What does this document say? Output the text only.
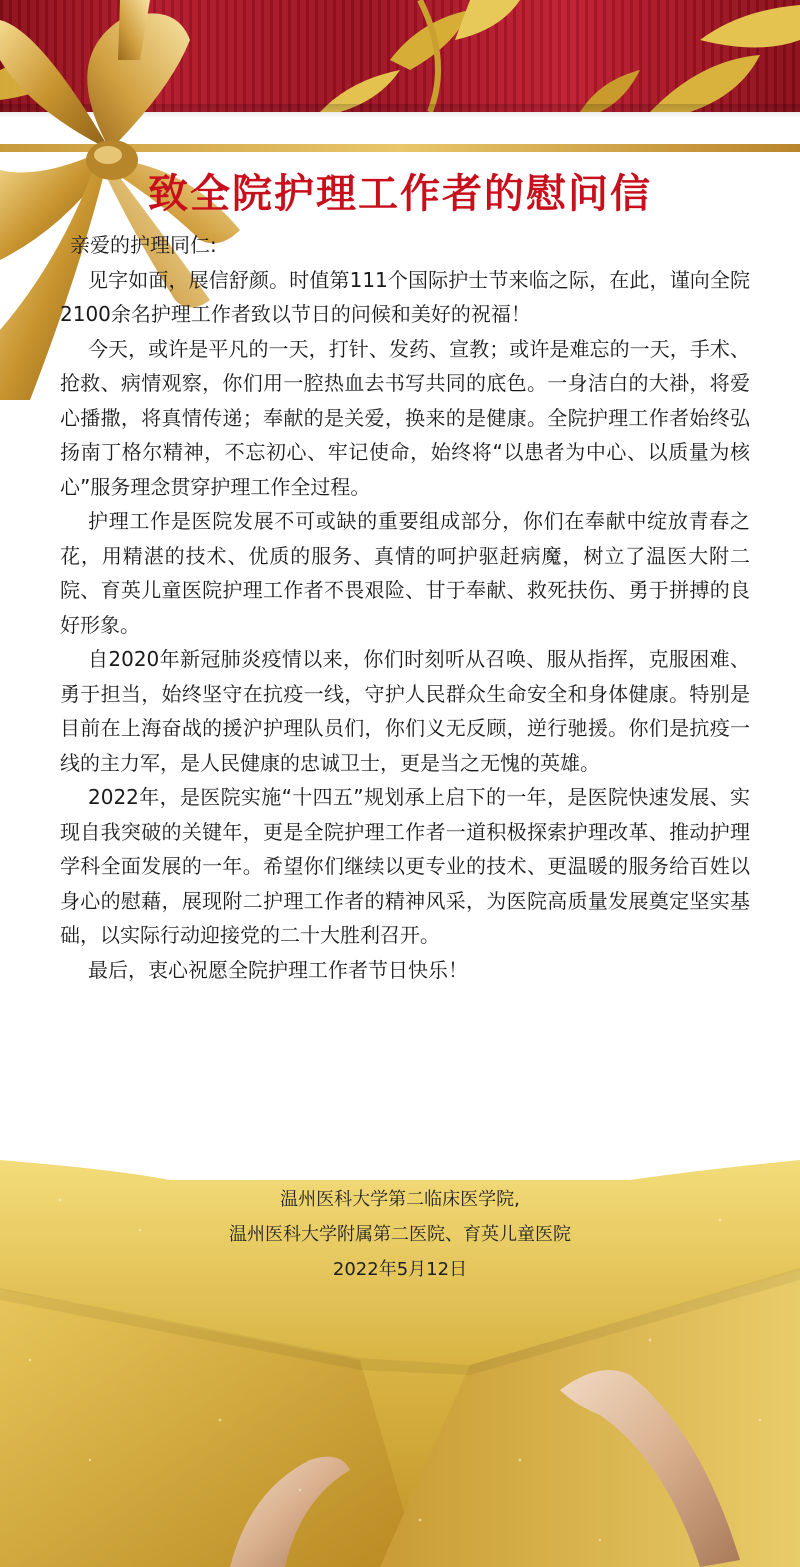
致全院护理工作者的慰问信

亲爱的护理同仁:

见字如面，展信舒颜。时值第111个国际护士节来临之际，在此，谨向全院2100余名护理工作者致以节日的问候和美好的祝福！

今天，或许是平凡的一天，打针、发药、宣教；或许是难忘的一天，手术、抢救、病情观察，你们用一腔热血去书写共同的底色。一身洁白的大褂，将爱心播撒，将真情传递；奉献的是关爱，换来的是健康。全院护理工作者始终弘扬南丁格尔精神，不忘初心、牢记使命，始终将“以患者为中心、以质量为核心”服务理念贯穿护理工作全过程。

护理工作是医院发展不可或缺的重要组成部分，你们在奉献中绽放青春之花，用精湛的技术、优质的服务、真情的呵护驱赶病魔，树立了温医大附二院、育英儿童医院护理工作者不畏艰险、甘于奉献、救死扶伤、勇于拼搏的良好形象。

自2020年新冠肺炎疫情以来，你们时刻听从召唤、服从指挥，克服困难、勇于担当，始终坚守在抗疫一线，守护人民群众生命安全和身体健康。特别是目前在上海奋战的援沪护理队员们，你们义无反顾，逆行驰援。你们是抗疫一线的主力军，是人民健康的忠诚卫士，更是当之无愧的英雄。

2022年，是医院实施“十四五”规划承上启下的一年，是医院快速发展、实现自我突破的关键年，更是全院护理工作者一道积极探索护理改革、推动护理学科全面发展的一年。希望你们继续以更专业的技术、更温暖的服务给百姓以身心的慰藉，展现附二护理工作者的精神风采，为医院高质量发展奠定坚实基础，以实际行动迎接党的二十大胜利召开。

最后，衷心祝愿全院护理工作者节日快乐！

温州医科大学第二临床医学院,
温州医科大学附属第二医院、育英儿童医院
2022年5月12日
